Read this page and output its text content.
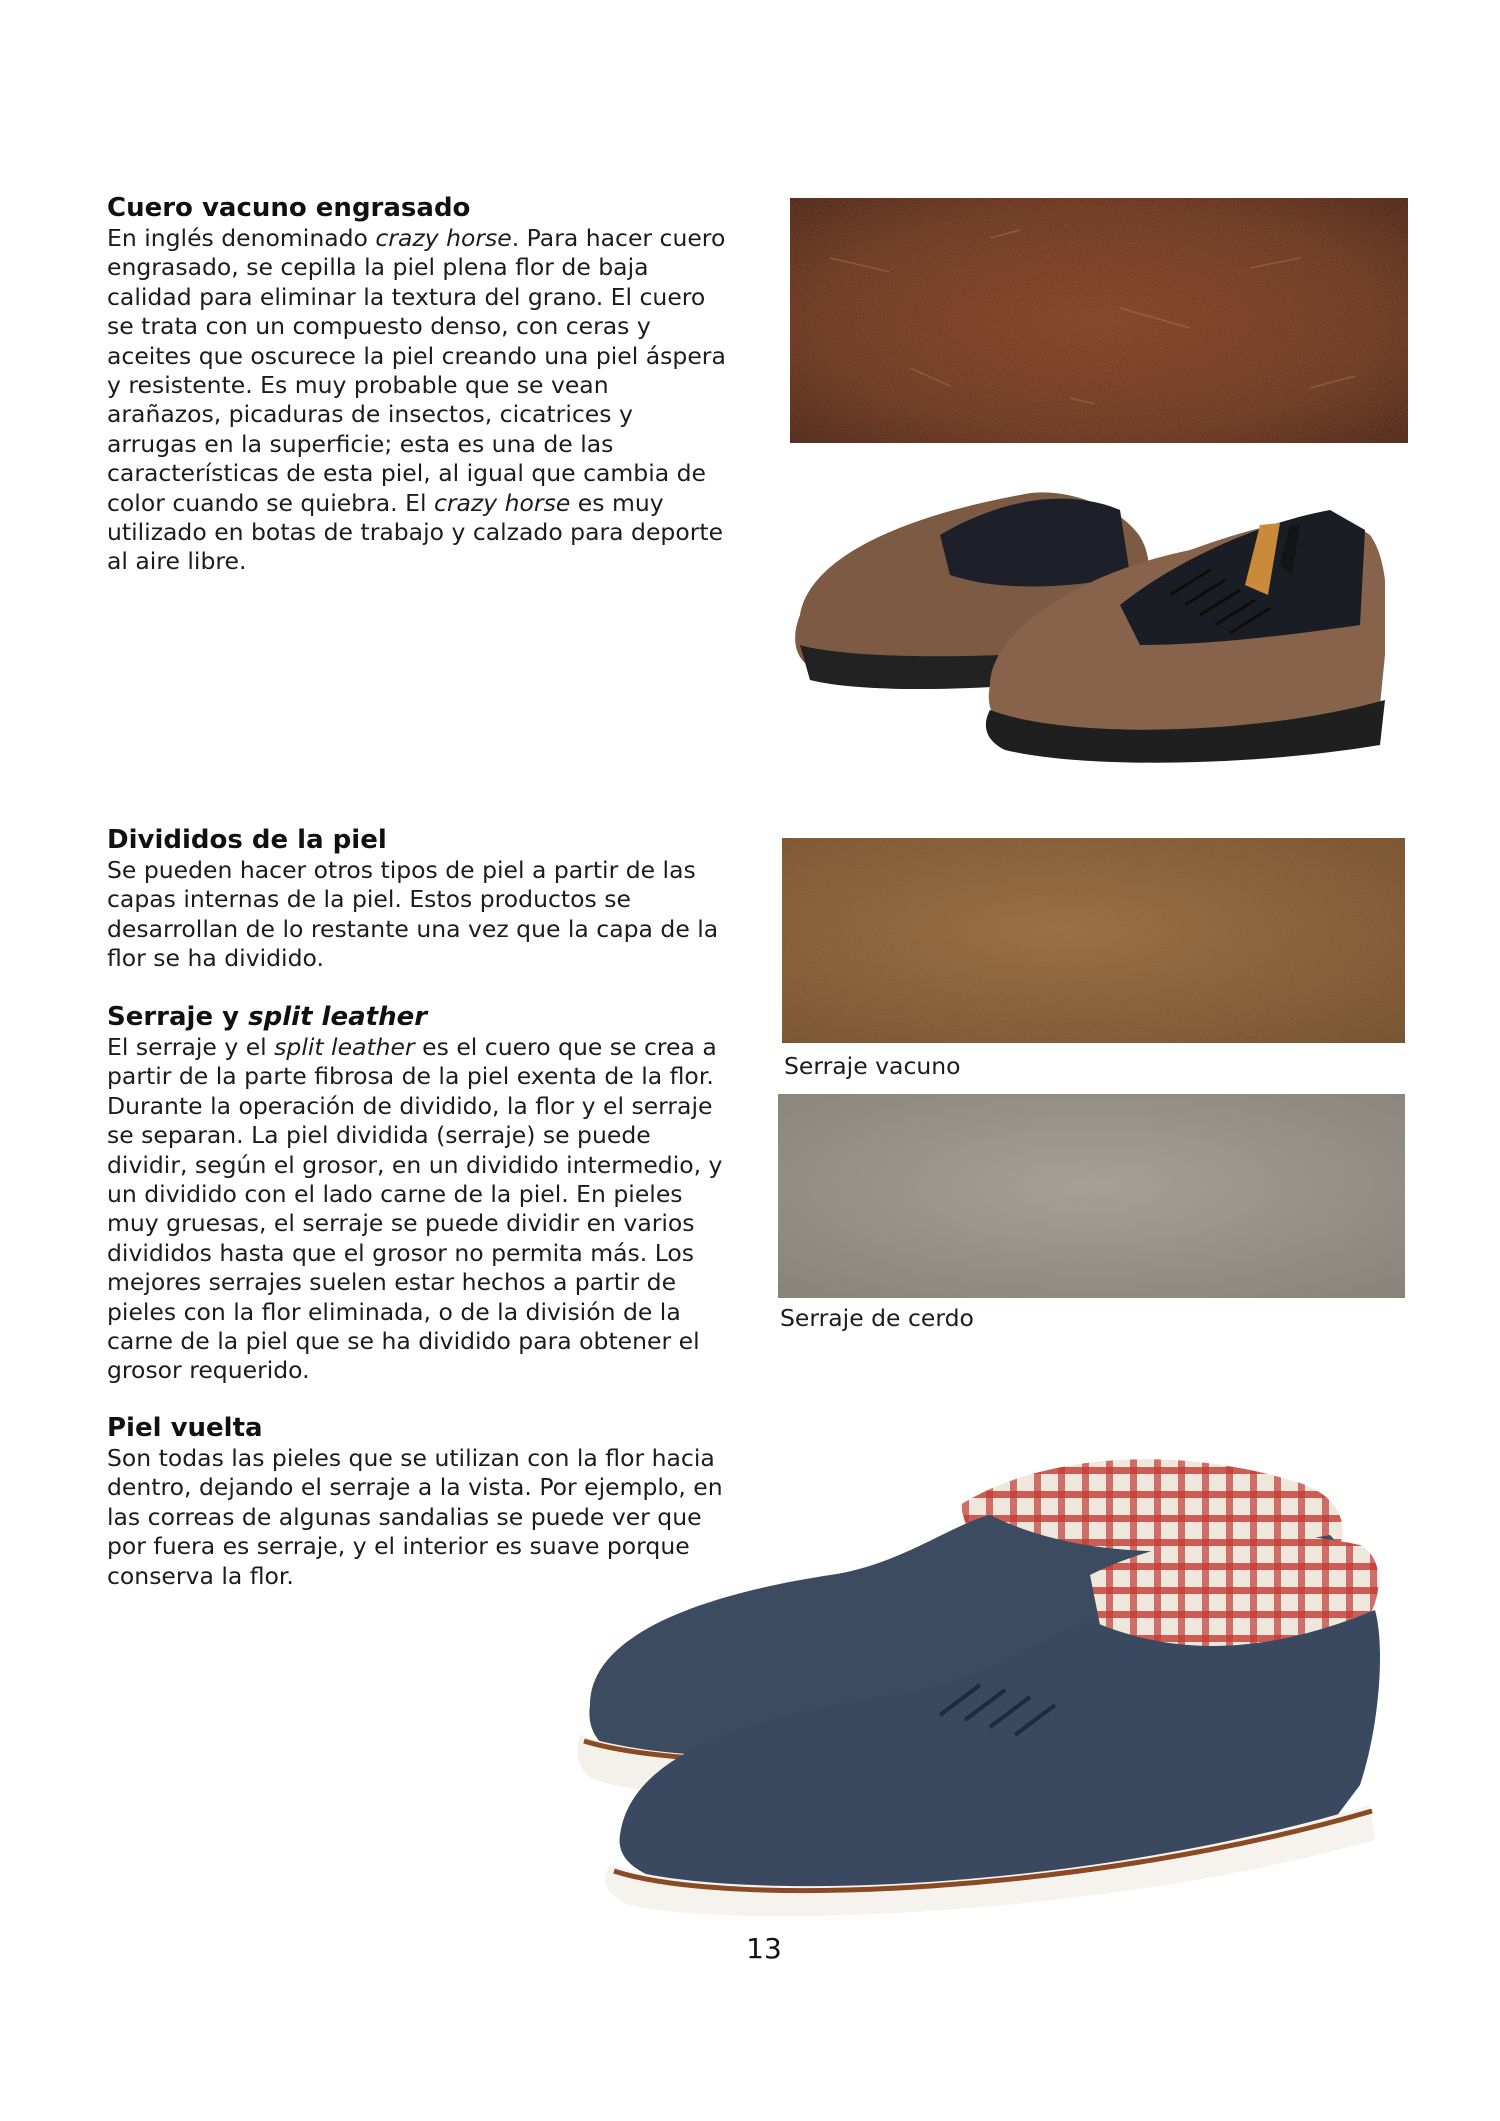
Cuero vacuno engrasado

En inglés denominado crazy horse. Para hacer cuero engrasado, se cepilla la piel plena flor de baja calidad para eliminar la textura del grano. El cuero se trata con un compuesto denso, con ceras y aceites que oscurece la piel creando una piel áspera y resistente. Es muy probable que se vean arañazos, picaduras de insectos, cicatrices y arrugas en la superficie; esta es una de las características de esta piel, al igual que cambia de color cuando se quiebra. El crazy horse es muy utilizado en botas de trabajo y calzado para deporte al aire libre.

Divididos de la piel

Se pueden hacer otros tipos de piel a partir de las capas internas de la piel. Estos productos se desarrollan de lo restante una vez que la capa de la flor se ha dividido.

Serraje y split leather

El serraje y el split leather es el cuero que se crea a partir de la parte fibrosa de la piel exenta de la flor. Durante la operación de dividido, la flor y el serraje se separan. La piel dividida (serraje) se puede dividir, según el grosor, en un dividido intermedio, y un dividido con el lado carne de la piel. En pieles muy gruesas, el serraje se puede dividir en varios divididos hasta que el grosor no permita más. Los mejores serrajes suelen estar hechos a partir de pieles con la flor eliminada, o de la división de la carne de la piel que se ha dividido para obtener el grosor requerido.

Serraje vacuno
Serraje de cerdo
Piel vuelta

Son todas las pieles que se utilizan con la flor hacia dentro, dejando el serraje a la vista. Por ejemplo, en las correas de algunas sandalias se puede ver que por fuera es serraje, y el interior es suave porque conserva la flor.

13
